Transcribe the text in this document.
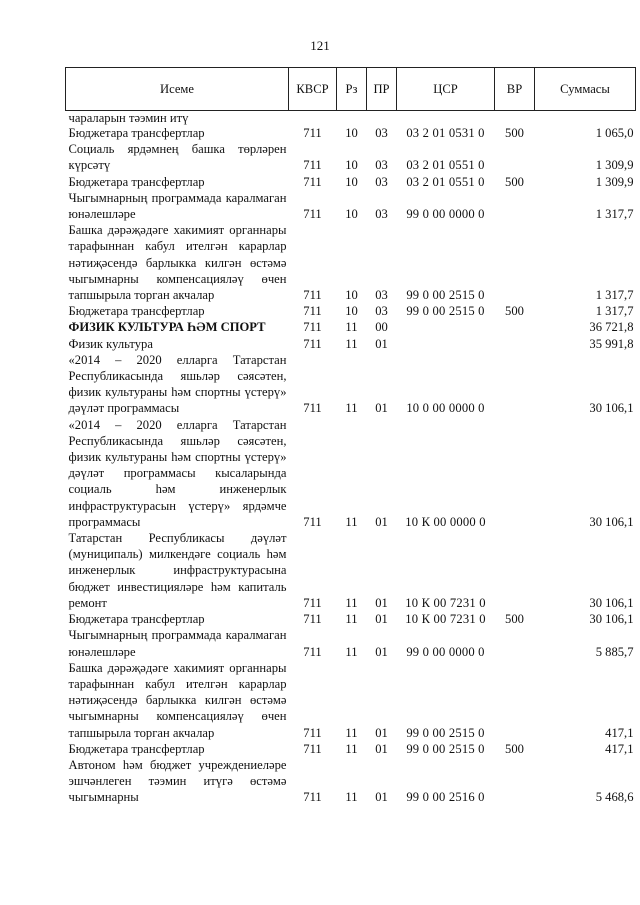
121
Исеме	КВСР	Рз	ПР	ЦСР	ВР	Суммасы
чараларын тәэмин итү						
Бюджетара трансфертлар	711	10	03	03 2 01 0531 0	500	1 065,0
Социаль ярдәмнең башка төрләрен күрсәтү	711	10	03	03 2 01 0551 0		1 309,9
Бюджетара трансфертлар	711	10	03	03 2 01 0551 0	500	1 309,9
Чыгымнарның программада каралмаган юнәлешләре	711	10	03	99 0 00 0000 0		1 317,7
Башка дәрәҗәдәге хакимият органнары тарафыннан кабул ителгән карарлар нәтиҗәсендә барлыкка килгән өстәмә чыгымнарны компенсацияләү өчен тапшырыла торган акчалар	711	10	03	99 0 00 2515 0		1 317,7
Бюджетара трансфертлар	711	10	03	99 0 00 2515 0	500	1 317,7
ФИЗИК КУЛЬТУРА ҺӘМ СПОРТ	711	11	00			36 721,8
Физик культура	711	11	01			35 991,8
«2014 – 2020 елларга Татарстан Республикасында яшьләр сәясәтен, физик культураны һәм спортны үстерү» дәүләт программасы	711	11	01	10 0 00 0000 0		30 106,1
«2014 – 2020 елларга Татарстан Республикасында яшьләр сәясәтен, физик культураны һәм спортны үстерү» дәүләт программасы кысаларында социаль һәм инженерлык инфраструктурасын үстерү» ярдәмче программасы	711	11	01	10 К 00 0000 0		30 106,1
Татарстан Республикасы дәүләт (муниципаль) милкендәге социаль һәм инженерлык инфраструктурасына бюджет инвестицияләре һәм капиталь ремонт	711	11	01	10 К 00 7231 0		30 106,1
Бюджетара трансфертлар	711	11	01	10 К 00 7231 0	500	30 106,1
Чыгымнарның программада каралмаган юнәлешләре	711	11	01	99 0 00 0000 0		5 885,7
Башка дәрәҗәдәге хакимият органнары тарафыннан кабул ителгән карарлар нәтиҗәсендә барлыкка килгән өстәмә чыгымнарны компенсацияләү өчен тапшырыла торган акчалар	711	11	01	99 0 00 2515 0		417,1
Бюджетара трансфертлар	711	11	01	99 0 00 2515 0	500	417,1
Автоном һәм бюджет учреждениеләре эшчәнлеген тәэмин итүгә өстәмә чыгымнарны	711	11	01	99 0 00 2516 0		5 468,6
